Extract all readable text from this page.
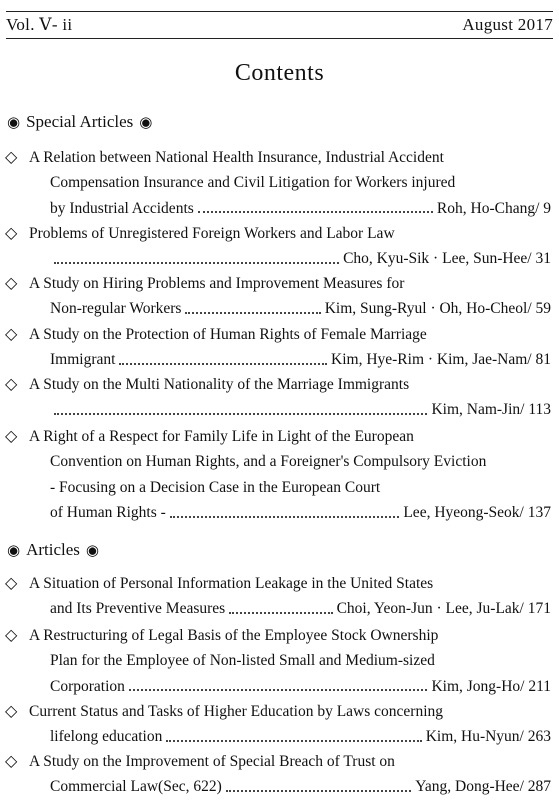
Vol. Ⅴ- ii	August 2017
Contents
◉ Special Articles ◉
◇ A Relation between National Health Insurance, Industrial Accident
Compensation Insurance and Civil Litigation for Workers injured
by Industrial Accidents	Roh, Ho-Chang/ 9
◇ Problems of Unregistered Foreign Workers and Labor Law
Cho, Kyu-Sik · Lee, Sun-Hee/ 31
◇ A Study on Hiring Problems and Improvement Measures for
Non-regular Workers	Kim, Sung-Ryul · Oh, Ho-Cheol/ 59
◇ A Study on the Protection of Human Rights of Female Marriage
Immigrant	Kim, Hye-Rim · Kim, Jae-Nam/ 81
◇ A Study on the Multi Nationality of the Marriage Immigrants
Kim, Nam-Jin/ 113
◇ A Right of a Respect for Family Life in Light of the European
Convention on Human Rights, and a Foreigner's Compulsory Eviction
- Focusing on a Decision Case in the European Court
of Human Rights -	Lee, Hyeong-Seok/ 137
◉ Articles ◉
◇ A Situation of Personal Information Leakage in the United States
and Its Preventive Measures	Choi, Yeon-Jun · Lee, Ju-Lak/ 171
◇ A Restructuring of Legal Basis of the Employee Stock Ownership
Plan for the Employee of Non-listed Small and Medium-sized
Corporation	Kim, Jong-Ho/ 211
◇ Current Status and Tasks of Higher Education by Laws concerning
lifelong education	Kim, Hu-Nyun/ 263
◇ A Study on the Improvement of Special Breach of Trust on
Commercial Law(Sec, 622)	Yang, Dong-Hee/ 287
